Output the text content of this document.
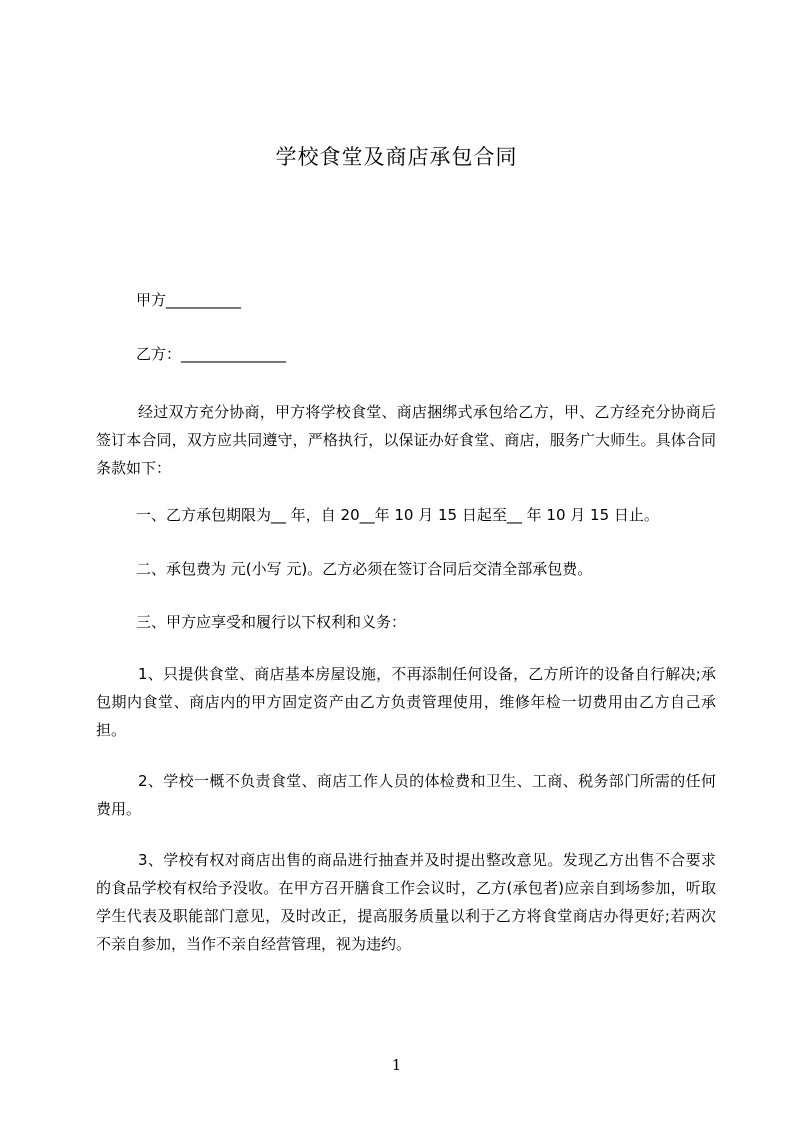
学校食堂及商店承包合同
甲方__________
乙方：______________
经过双方充分协商，甲方将学校食堂、商店捆绑式承包给乙方，甲、乙方经充分协商后签订本合同，双方应共同遵守，严格执行，以保证办好食堂、商店，服务广大师生。具体合同条款如下：
一、乙方承包期限为__ 年，自 20__年 10 月 15 日起至__ 年 10 月 15 日止。
二、承包费为 元(小写 元)。乙方必须在签订合同后交清全部承包费。
三、甲方应享受和履行以下权利和义务：
1、只提供食堂、商店基本房屋设施，不再添制任何设备，乙方所许的设备自行解决;承包期内食堂、商店内的甲方固定资产由乙方负责管理使用，维修年检一切费用由乙方自己承担。
2、学校一概不负责食堂、商店工作人员的体检费和卫生、工商、税务部门所需的任何费用。
3、学校有权对商店出售的商品进行抽查并及时提出整改意见。发现乙方出售不合要求的食品学校有权给予没收。在甲方召开膳食工作会议时，乙方(承包者)应亲自到场参加，听取学生代表及职能部门意见，及时改正，提高服务质量以利于乙方将食堂商店办得更好;若两次不亲自参加，当作不亲自经营管理，视为违约。
1
